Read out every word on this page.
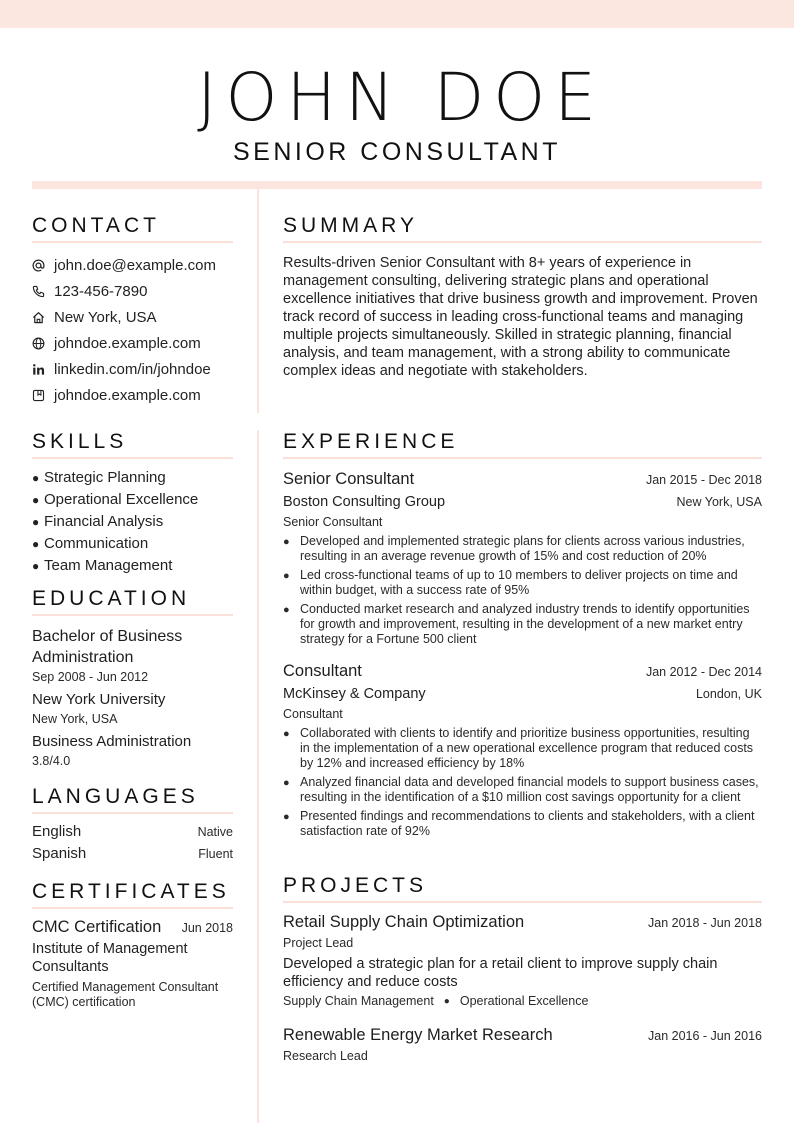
JOHN DOE
SENIOR CONSULTANT
CONTACT
john.doe@example.com
123-456-7890
New York, USA
johndoe.example.com
linkedin.com/in/johndoe
johndoe.example.com
SKILLS
● Strategic Planning
● Operational Excellence
● Financial Analysis
● Communication
● Team Management
EDUCATION
Bachelor of Business Administration
Sep 2008 - Jun 2012
New York University
New York, USA
Business Administration
3.8/4.0
LANGUAGES
English	Native
Spanish	Fluent
CERTIFICATES
CMC Certification Jun 2018
Institute of Management Consultants
Certified Management Consultant (CMC) certification
SUMMARY

Results-driven Senior Consultant with 8+ years of experience in management consulting, delivering strategic plans and operational excellence initiatives that drive business growth and improvement. Proven track record of success in leading cross-functional teams and managing multiple projects simultaneously. Skilled in strategic planning, financial analysis, and team management, with a strong ability to communicate complex ideas and negotiate with stakeholders.

EXPERIENCE
Senior Consultant	Jan 2015 - Dec 2018
Boston Consulting Group	New York, USA
Senior Consultant
● Developed and implemented strategic plans for clients across various industries, resulting in an average revenue growth of 15% and cost reduction of 20%
● Led cross-functional teams of up to 10 members to deliver projects on time and within budget, with a success rate of 95%
● Conducted market research and analyzed industry trends to identify opportunities for growth and improvement, resulting in the development of a new market entry strategy for a Fortune 500 client
Consultant	Jan 2012 - Dec 2014
McKinsey & Company	London, UK
Consultant
● Collaborated with clients to identify and prioritize business opportunities, resulting in the implementation of a new operational excellence program that reduced costs by 12% and increased efficiency by 18%
● Analyzed financial data and developed financial models to support business cases, resulting in the identification of a $10 million cost savings opportunity for a client
● Presented findings and recommendations to clients and stakeholders, with a client satisfaction rate of 92%
PROJECTS
Retail Supply Chain Optimization	Jan 2018 - Jun 2018
Project Lead
Developed a strategic plan for a retail client to improve supply chain efficiency and reduce costs
Supply Chain Management ● Operational Excellence
Renewable Energy Market Research	Jan 2016 - Jun 2016
Research Lead
